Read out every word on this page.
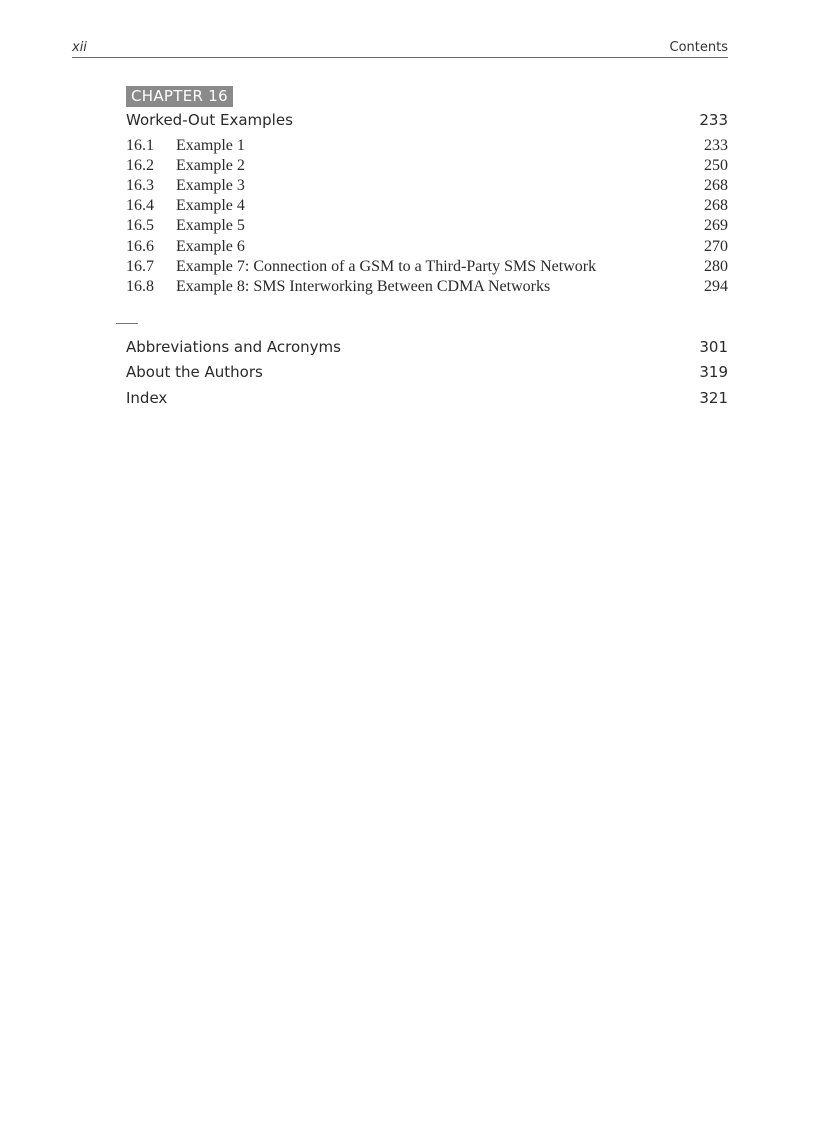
xii	Contents
CHAPTER 16
Worked-Out Examples	233
16.1 Example 1	233
16.2 Example 2	250
16.3 Example 3	268
16.4 Example 4	268
16.5 Example 5	269
16.6 Example 6	270
16.7 Example 7: Connection of a GSM to a Third-Party SMS Network	280
16.8 Example 8: SMS Interworking Between CDMA Networks	294
Abbreviations and Acronyms	301
About the Authors	319
Index	321
